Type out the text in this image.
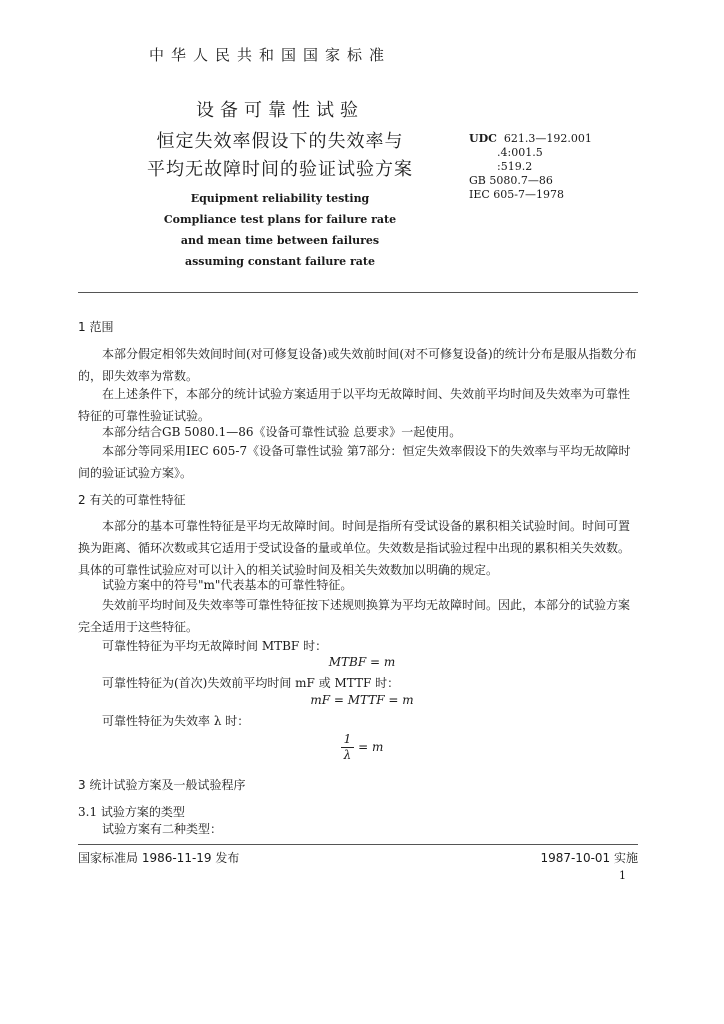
中华人民共和国国家标准
设备可靠性试验
恒定失效率假设下的失效率与
平均无故障时间的验证试验方案
Equipment reliability testing
Compliance test plans for failure rate
and mean time between failures
assuming constant failure rate
UDC 621.3—192.001
.4:001.5
:519.2
GB 5080.7—86
IEC 605-7—1978
1 范围
本部分假定相邻失效间时间(对可修复设备)或失效前时间(对不可修复设备)的统计分布是服从指数分布的，即失效率为常数。
在上述条件下，本部分的统计试验方案适用于以平均无故障时间、失效前平均时间及失效率为可靠性特征的可靠性验证试验。
本部分结合GB 5080.1—86《设备可靠性试验 总要求》一起使用。
本部分等同采用IEC 605-7《设备可靠性试验 第7部分：恒定失效率假设下的失效率与平均无故障时间的验证试验方案》。
2 有关的可靠性特征
本部分的基本可靠性特征是平均无故障时间。时间是指所有受试设备的累积相关试验时间。时间可置换为距离、循环次数或其它适用于受试设备的量或单位。失效数是指试验过程中出现的累积相关失效数。具体的可靠性试验应对可以计入的相关试验时间及相关失效数加以明确的规定。
试验方案中的符号"m"代表基本的可靠性特征。
失效前平均时间及失效率等可靠性特征按下述规则换算为平均无故障时间。因此，本部分的试验方案完全适用于这些特征。
可靠性特征为平均无故障时间 MTBF 时：
MTBF = m
可靠性特征为(首次)失效前平均时间 mF 或 MTTF 时：
mF = MTTF = m
可靠性特征为失效率 λ 时：
$\frac{1}{\lambda} = m$
3 统计试验方案及一般试验程序
3.1 试验方案的类型
试验方案有二种类型：
国家标准局 1986-11-19 发布	1987-10-01 实施
1
